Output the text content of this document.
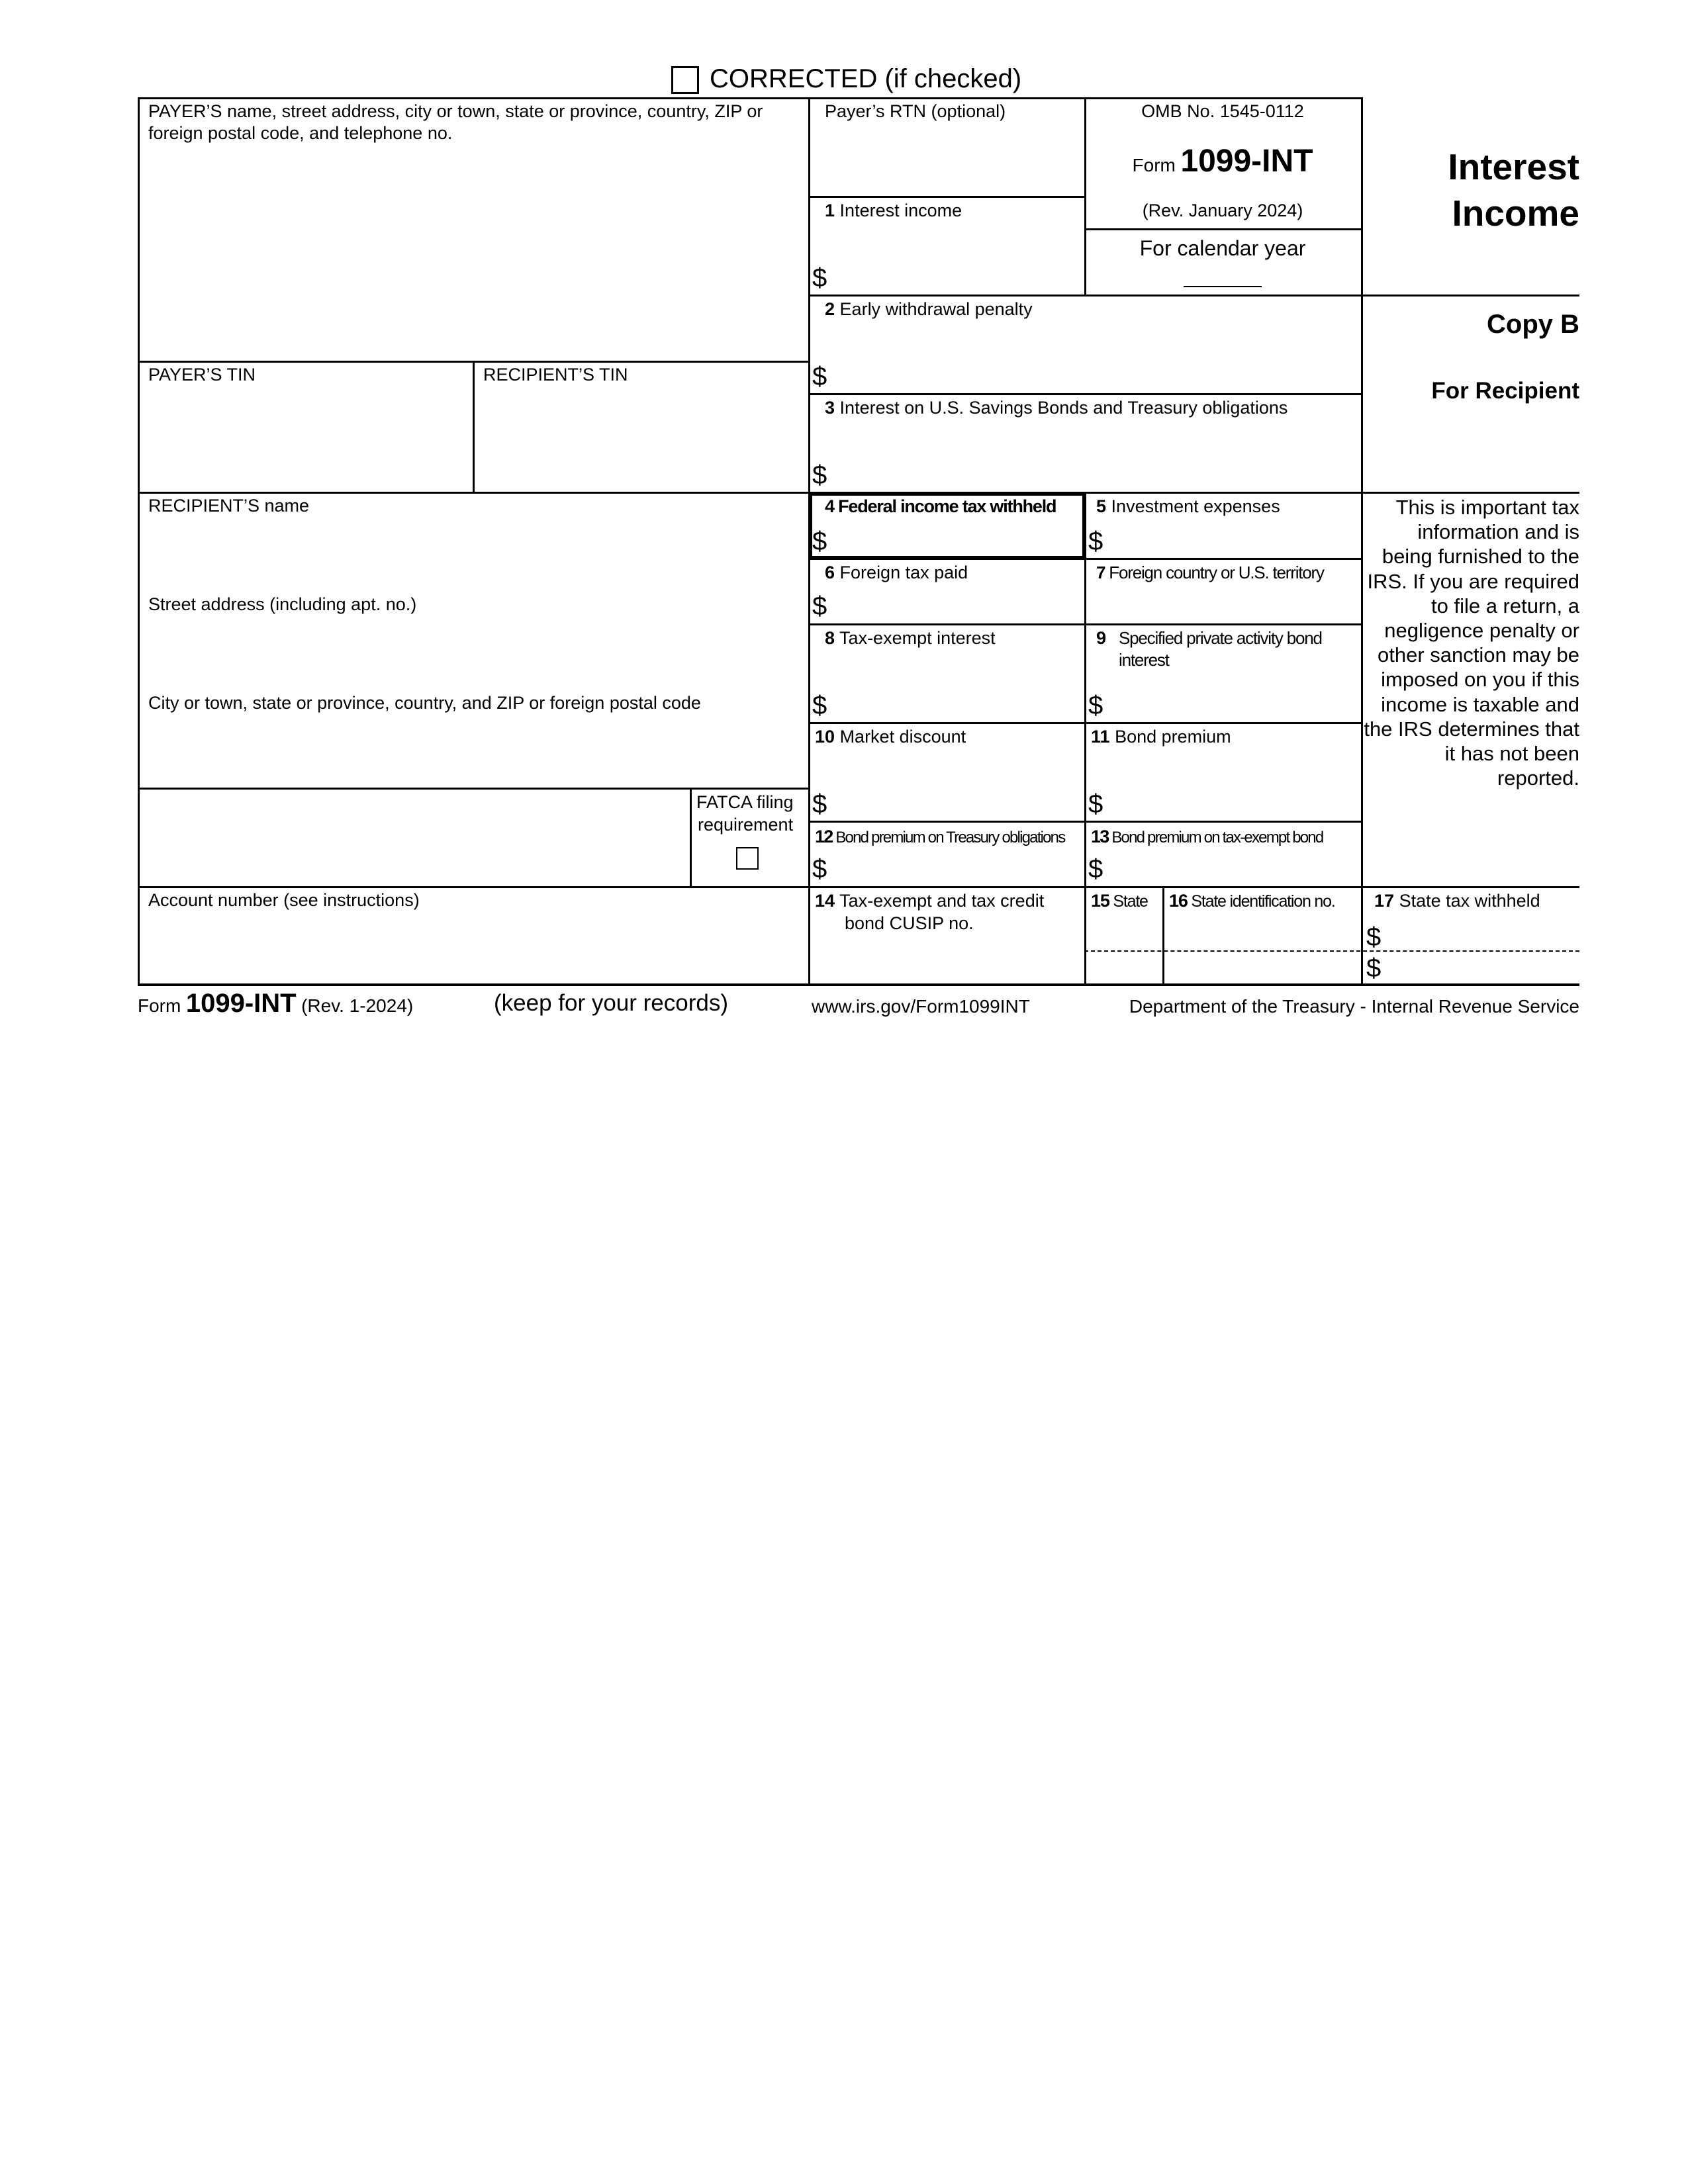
CORRECTED (if checked)
PAYER’S name, street address, city or town, state or province, country, ZIP or foreign postal code, and telephone no.
PAYER’S TIN	RECIPIENT’S TIN
RECIPIENT’S name
Street address (including apt. no.)
City or town, state or province, country, and ZIP or foreign postal code
FATCA filing
requirement
Account number (see instructions)
Payer’s RTN (optional)	OMB No. 1545-0112
Form 1099-INT
(Rev. January 2024)
For calendar year
1 Interest income
$
2 Early withdrawal penalty
$
3 Interest on U.S. Savings Bonds and Treasury obligations
$
4 Federal income tax withheld
$
5 Investment expenses
$
6 Foreign tax paid
$
7 Foreign country or U.S. territory
8 Tax-exempt interest
$
9 Specified private activity bond
interest
$
10 Market discount
$
11 Bond premium
$
12 Bond premium on Treasury obligations
$
13 Bond premium on tax-exempt bond
$
14 Tax-exempt and tax credit
bond CUSIP no.
15 State 16 State identification no. 17 State tax withheld
$
$
Interest
Income
Copy B
For Recipient
This is important tax information and is being furnished to the IRS. If you are required to file a return, a negligence penalty or other sanction may be imposed on you if this income is taxable and the IRS determines that it has not been reported.
Form 1099-INT (Rev. 1-2024)	(keep for your records)	www.irs.gov/Form1099INT	Department of the Treasury - Internal Revenue Service
